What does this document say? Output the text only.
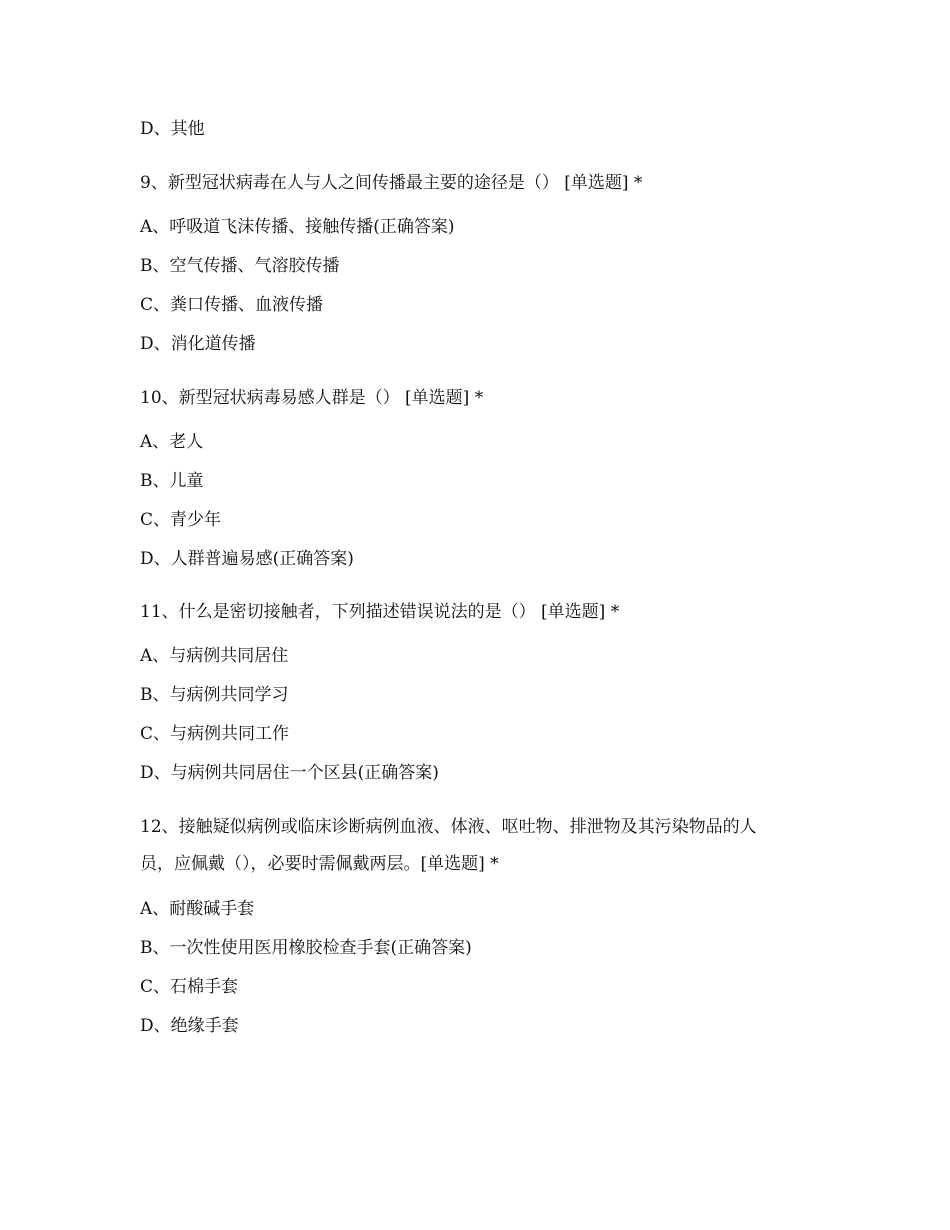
D、其他
9、新型冠状病毒在人与人之间传播最主要的途径是（） [单选题] *
A、呼吸道飞沫传播、接触传播(正确答案)
B、空气传播、气溶胶传播
C、粪口传播、血液传播
D、消化道传播
10、新型冠状病毒易感人群是（） [单选题] *
A、老人
B、儿童
C、青少年
D、人群普遍易感(正确答案)
11、什么是密切接触者，下列描述错误说法的是（） [单选题] *
A、与病例共同居住
B、与病例共同学习
C、与病例共同工作
D、与病例共同居住一个区县(正确答案)
12、接触疑似病例或临床诊断病例血液、体液、呕吐物、排泄物及其污染物品的人
员，应佩戴（），必要时需佩戴两层。[单选题] *
A、耐酸碱手套
B、一次性使用医用橡胶检查手套(正确答案)
C、石棉手套
D、绝缘手套
